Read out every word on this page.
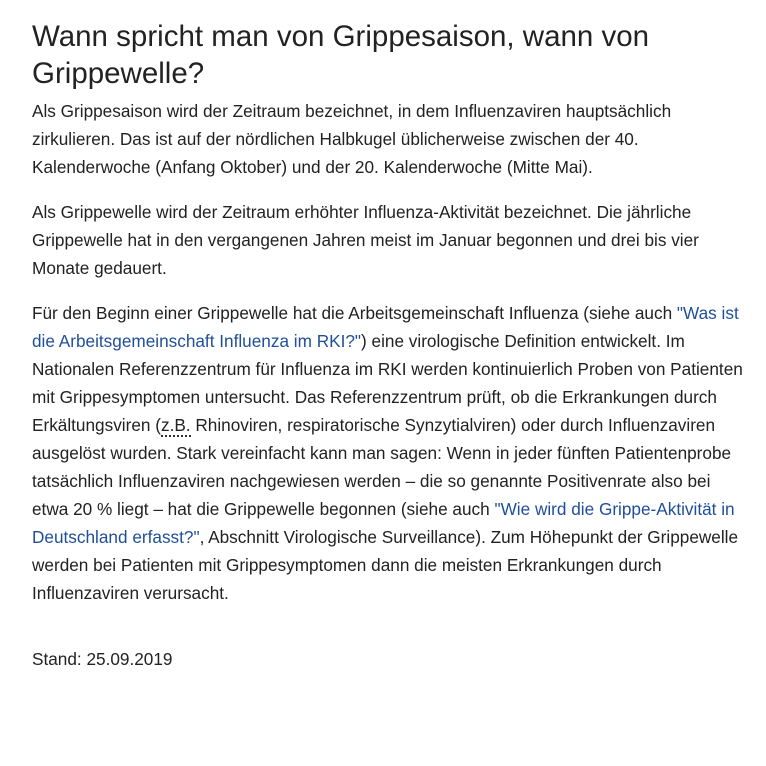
Wann spricht man von Grippesaison, wann von Grippewelle?

Als Grippesaison wird der Zeitraum bezeichnet, in dem Influenzaviren hauptsächlich zirkulieren. Das ist auf der nördlichen Halbkugel üblicherweise zwischen der 40. Kalenderwoche (Anfang Oktober) und der 20. Kalenderwoche (Mitte Mai).

Als Grippewelle wird der Zeitraum erhöhter Influenza-Aktivität bezeichnet. Die jährliche Grippewelle hat in den vergangenen Jahren meist im Januar begonnen und drei bis vier Monate gedauert.

Für den Beginn einer Grippewelle hat die Arbeitsgemeinschaft Influenza (siehe auch "Was ist die Arbeitsgemeinschaft Influenza im RKI?") eine virologische Definition entwickelt. Im Nationalen Referenzzentrum für Influenza im RKI werden kontinuierlich Proben von Patienten mit Grippesymptomen untersucht. Das Referenzzentrum prüft, ob die Erkrankungen durch Erkältungsviren (z.B. Rhinoviren, respiratorische Synzytialviren) oder durch Influenzaviren ausgelöst wurden. Stark vereinfacht kann man sagen: Wenn in jeder fünften Patientenprobe tatsächlich Influenzaviren nachgewiesen werden – die so genannte Positivenrate also bei etwa 20 % liegt – hat die Grippewelle begonnen (siehe auch "Wie wird die Grippe-Aktivität in Deutschland erfasst?", Abschnitt Virologische Surveillance). Zum Höhepunkt der Grippewelle werden bei Patienten mit Grippesymptomen dann die meisten Erkrankungen durch Influenzaviren verursacht.

Stand: 25.09.2019
